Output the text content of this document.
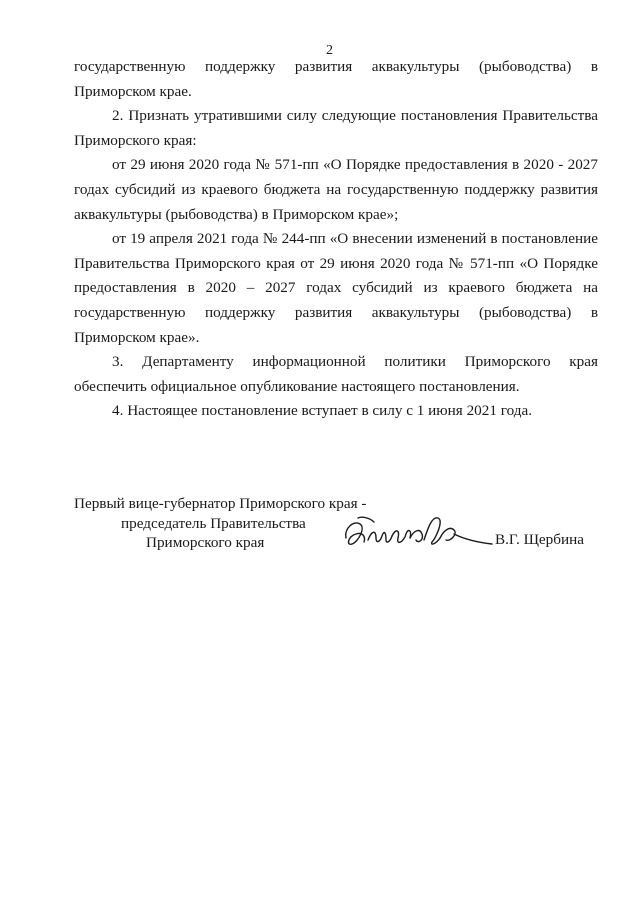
2

государственную поддержку развития аквакультуры (рыбоводства) в

Приморском крае.

2. Признать утратившими силу следующие постановления Правительства Приморского края:

от 29 июня 2020 года № 571-пп «О Порядке предоставления в 2020 - 2027 годах субсидий из краевого бюджета на государственную поддержку развития аквакультуры (рыбоводства) в Приморском крае»;

от 19 апреля 2021 года № 244-пп «О внесении изменений в постановление Правительства Приморского края от 29 июня 2020 года № 571-пп «О Порядке предоставления в 2020 – 2027 годах субсидий из краевого бюджета на государственную поддержку развития аквакультуры (рыбоводства) в Приморском крае».

3. Департаменту информационной политики Приморского края обеспечить официальное опубликование настоящего постановления.

4. Настоящее постановление вступает в силу с 1 июня 2021 года.

Первый вице-губернатор Приморского края -
председатель Правительства
Приморского края	В.Г. Щербина
